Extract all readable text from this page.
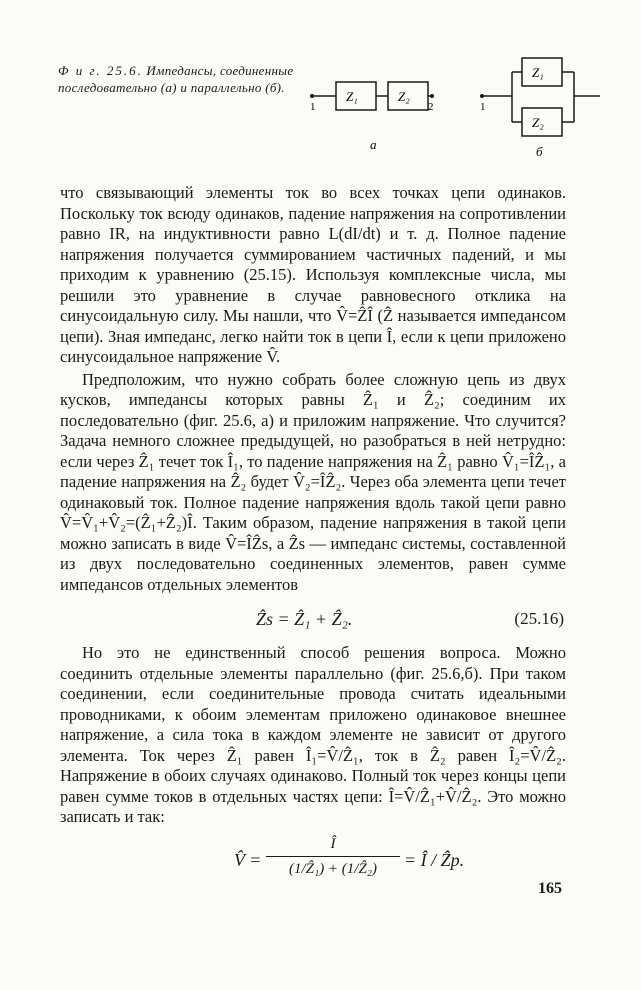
Ф и г. 25.6. Импедансы, соединенные последовательно (а) и параллельно (б).
1
Z₁	Z₂
2
а
1
Z₁
Z₂
б

что связывающий элементы ток во всех точках цепи одинаков. Поскольку ток всюду одинаков, падение напряжения на сопротивлении равно IR, на индуктивности равно L(dI/dt) и т. д. Полное падение напряжения получается суммированием частичных падений, и мы приходим к уравнению (25.15). Используя комплексные числа, мы решили это уравнение в случае равновесного отклика на синусоидальную силу. Мы нашли, что V̂=ẐÎ (Ẑ называется импедансом цепи). Зная импеданс, легко найти ток в цепи Î, если к цепи приложено синусоидальное напряжение V̂.

Предположим, что нужно собрать более сложную цепь из двух кусков, импедансы которых равны Ẑ₁ и Ẑ₂; соединим их последовательно (фиг. 25.6, а) и приложим напряжение. Что случится? Задача немного сложнее предыдущей, но разобраться в ней нетрудно: если через Ẑ₁ течет ток Î₁, то падение напряжения на Ẑ₁ равно V̂₁=ÎẐ₁, а падение напряжения на Ẑ₂ будет V̂₂=ÎẐ₂. Через оба элемента цепи течет одинаковый ток. Полное падение напряжения вдоль такой цепи равно V̂=V̂₁+V̂₂=(Ẑ₁+Ẑ₂)Î. Таким образом, падение напряжения в такой цепи можно записать в виде V̂=ÎẐs, а Ẑs — импеданс системы, составленной из двух последовательно соединенных элементов, равен сумме импедансов отдельных элементов

Ẑs = Ẑ₁ + Ẑ₂.	(25.16)

Но это не единственный способ решения вопроса. Можно соединить отдельные элементы параллельно (фиг. 25.6,б). При таком соединении, если соединительные провода считать идеальными проводниками, к обоим элементам приложено одинаковое внешнее напряжение, а сила тока в каждом элементе не зависит от другого элемента. Ток через Ẑ₁ равен Î₁=V̂/Ẑ₁, ток в Ẑ₂ равен Î₂=V̂/Ẑ₂. Напряжение в обоих случаях одинаково. Полный ток через концы цепи равен сумме токов в отдельных частях цепи: Î=V̂/Ẑ₁+V̂/Ẑ₂. Это можно записать и так:

V̂ = $\frac{Î}{\text{(1/Ẑ₁) + (1/Ẑ₂)}}$ = Î / Ẑp.
165
